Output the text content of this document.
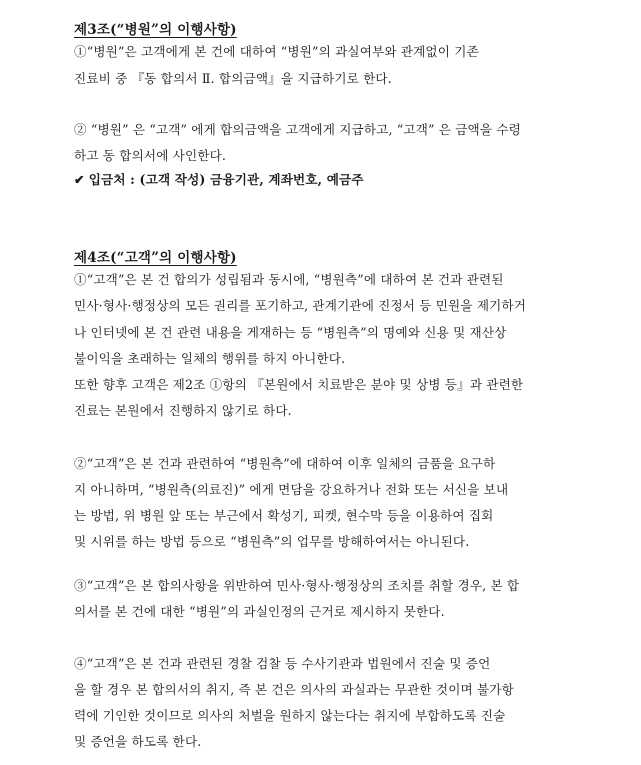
제3조(“병원”의 이행사항)
①“병원”은 고객에게 본 건에 대하여 “병원”의 과실여부와 관계없이 기존
진료비 중 『동 합의서 Ⅱ. 합의금액』을 지급하기로 한다.
② “병원” 은 “고객” 에게 합의금액을 고객에게 지급하고, “고객” 은 금액을 수령
하고 동 합의서에 사인한다.
✔ 입금처 : (고객 작성) 금융기관, 계좌번호, 예금주
제4조(“고객”의 이행사항)
①“고객”은 본 건 합의가 성립됨과 동시에, “병원측”에 대하여 본 건과 관련된
민사·형사·행정상의 모든 권리를 포기하고, 관계기관에 진정서 등 민원을 제기하거
나 인터넷에 본 건 관련 내용을 게재하는 등 “병원측”의 명예와 신용 및 재산상
불이익을 초래하는 일체의 행위를 하지 아니한다.
또한 향후 고객은 제2조 ①항의 『본원에서 치료받은 분야 및 상병 등』과 관련한
진료는 본원에서 진행하지 않기로 하다.
②“고객”은 본 건과 관련하여 “병원측”에 대하여 이후 일체의 금품을 요구하
지 아니하며, “병원측(의료진)” 에게 면담을 강요하거나 전화 또는 서신을 보내
는 방법, 위 병원 앞 또는 부근에서 확성기, 피켓, 현수막 등을 이용하여 집회
및 시위를 하는 방법 등으로 “병원측”의 업무를 방해하여서는 아니된다.
③“고객”은 본 합의사항을 위반하여 민사·형사·행정상의 조치를 취할 경우, 본 합
의서를 본 건에 대한 “병원”의 과실인정의 근거로 제시하지 못한다.
④“고객”은 본 건과 관련된 경찰 검찰 등 수사기관과 법원에서 진술 및 증언
을 할 경우 본 합의서의 취지, 즉 본 건은 의사의 과실과는 무관한 것이며 불가항
력에 기인한 것이므로 의사의 처벌을 원하지 않는다는 취지에 부합하도록 진술
및 증언을 하도록 한다.
